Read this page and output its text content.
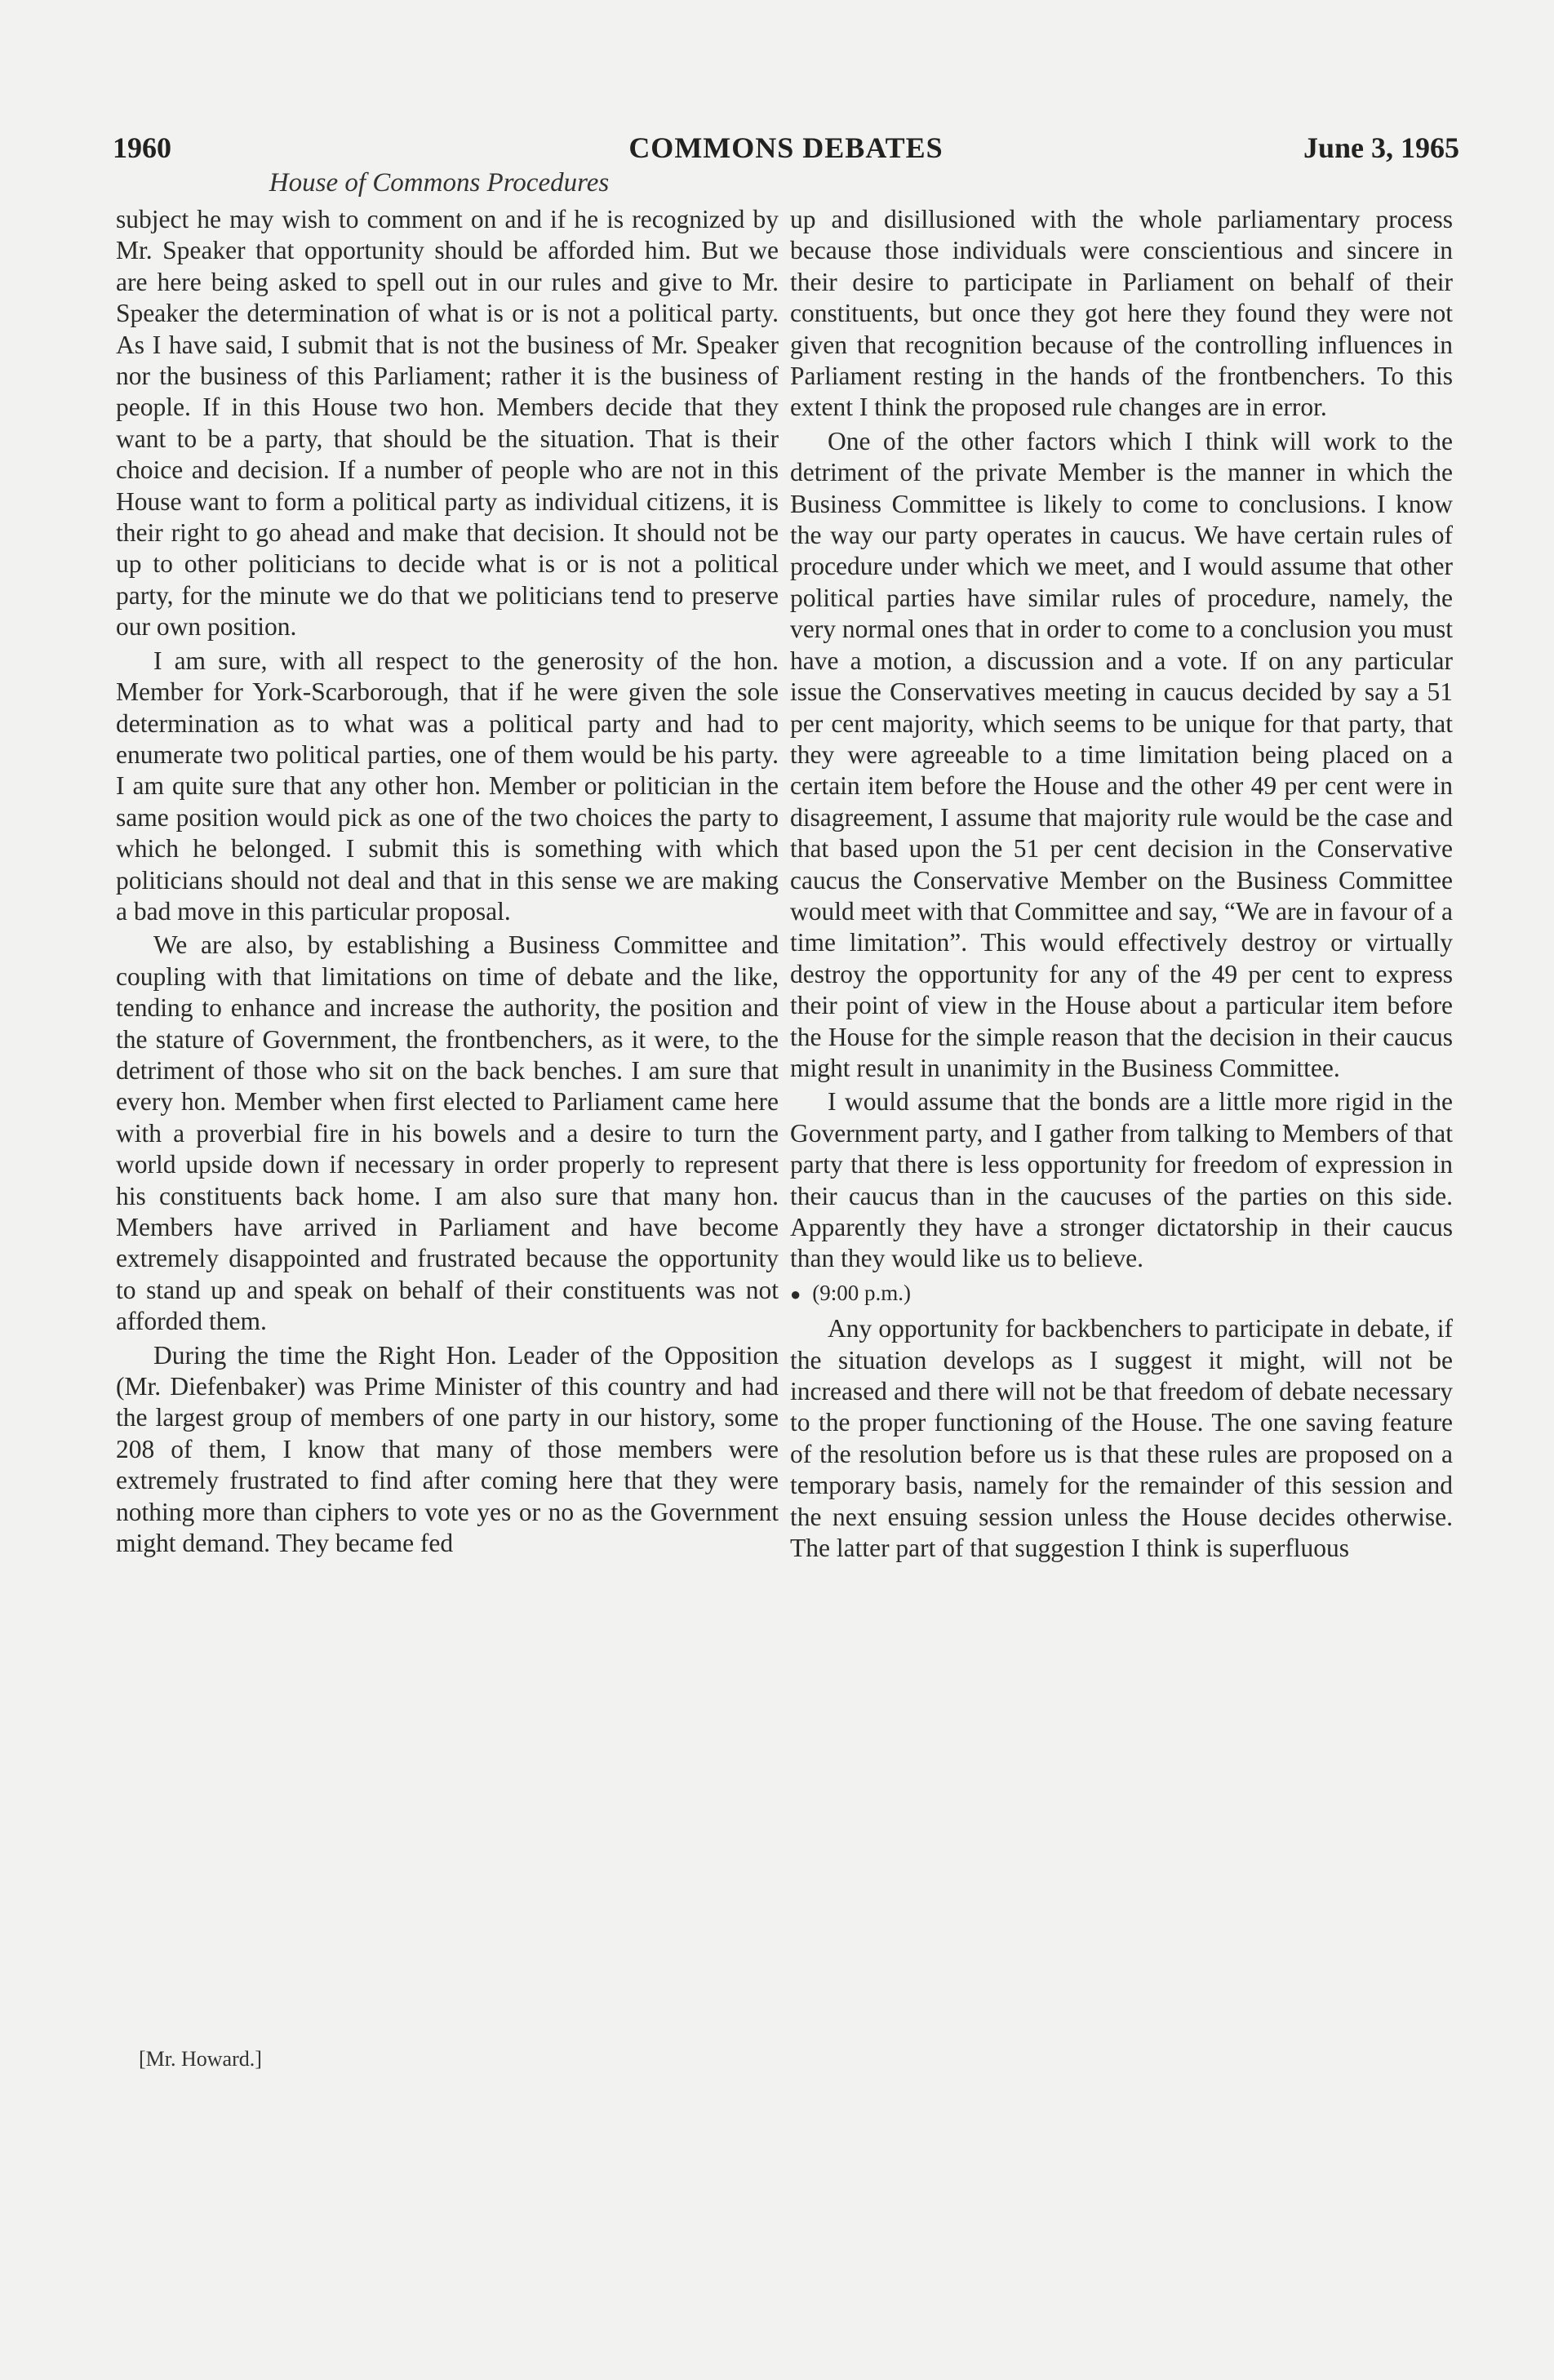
1960	COMMONS DEBATES	June 3, 1965
House of Commons Procedures

subject he may wish to comment on and if he is recognized by Mr. Speaker that opportunity should be afforded him. But we are here being asked to spell out in our rules and give to Mr. Speaker the determination of what is or is not a political party. As I have said, I submit that is not the business of Mr. Speaker nor the business of this Parliament; rather it is the business of people. If in this House two hon. Members decide that they want to be a party, that should be the situation. That is their choice and decision. If a number of people who are not in this House want to form a political party as individual citizens, it is their right to go ahead and make that decision. It should not be up to other politicians to decide what is or is not a political party, for the minute we do that we politicians tend to preserve our own position.

I am sure, with all respect to the generosity of the hon. Member for York-Scarborough, that if he were given the sole determination as to what was a political party and had to enumerate two political parties, one of them would be his party. I am quite sure that any other hon. Member or politician in the same position would pick as one of the two choices the party to which he belonged. I submit this is something with which politicians should not deal and that in this sense we are making a bad move in this particular proposal.

We are also, by establishing a Business Committee and coupling with that limitations on time of debate and the like, tending to enhance and increase the authority, the position and the stature of Government, the frontbenchers, as it were, to the detriment of those who sit on the back benches. I am sure that every hon. Member when first elected to Parliament came here with a proverbial fire in his bowels and a desire to turn the world upside down if necessary in order properly to represent his constituents back home. I am also sure that many hon. Members have arrived in Parliament and have become extremely disappointed and frustrated because the opportunity to stand up and speak on behalf of their constituents was not afforded them.

During the time the Right Hon. Leader of the Opposition (Mr. Diefenbaker) was Prime Minister of this country and had the largest group of members of one party in our history, some 208 of them, I know that many of those members were extremely frustrated to find after coming here that they were nothing more than ciphers to vote yes or no as the Government might demand. They became fed

up and disillusioned with the whole parliamentary process because those individuals were conscientious and sincere in their desire to participate in Parliament on behalf of their constituents, but once they got here they found they were not given that recognition because of the controlling influences in Parliament resting in the hands of the frontbenchers. To this extent I think the proposed rule changes are in error.

One of the other factors which I think will work to the detriment of the private Member is the manner in which the Business Committee is likely to come to conclusions. I know the way our party operates in caucus. We have certain rules of procedure under which we meet, and I would assume that other political parties have similar rules of procedure, namely, the very normal ones that in order to come to a conclusion you must have a motion, a discussion and a vote. If on any particular issue the Conservatives meeting in caucus decided by say a 51 per cent majority, which seems to be unique for that party, that they were agreeable to a time limitation being placed on a certain item before the House and the other 49 per cent were in disagreement, I assume that majority rule would be the case and that based upon the 51 per cent decision in the Conservative caucus the Conservative Member on the Business Committee would meet with that Committee and say, “We are in favour of a time limitation”. This would effectively destroy or virtually destroy the opportunity for any of the 49 per cent to express their point of view in the House about a particular item before the House for the simple reason that the decision in their caucus might result in unanimity in the Business Committee.

I would assume that the bonds are a little more rigid in the Government party, and I gather from talking to Members of that party that there is less opportunity for freedom of expression in their caucus than in the caucuses of the parties on this side. Apparently they have a stronger dictatorship in their caucus than they would like us to believe.

● (9:00 p.m.)

Any opportunity for backbenchers to participate in debate, if the situation develops as I suggest it might, will not be increased and there will not be that freedom of debate necessary to the proper functioning of the House. The one saving feature of the resolution before us is that these rules are proposed on a temporary basis, namely for the remainder of this session and the next ensuing session unless the House decides otherwise. The latter part of that suggestion I think is superfluous

[Mr. Howard.]
